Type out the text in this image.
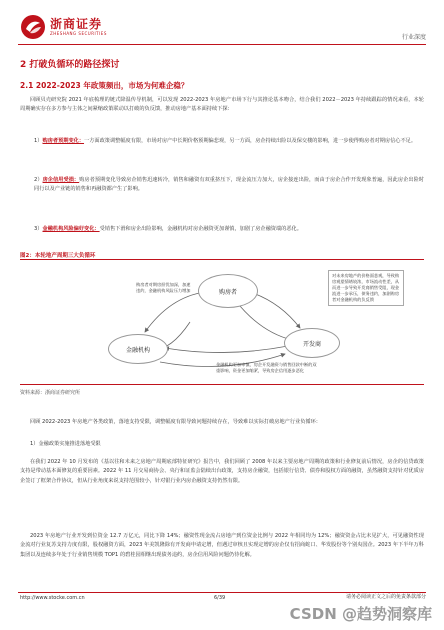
浙商证券
ZHESHANG SECURITIES
行业深度
2 打破负循环的路径探讨
2.1 2022-2023 年政策频出，市场为何难企稳？
回顾贝壳研究院 2021 年底梳理的链式降温传导机制，可以发现 2022-2023 年房地产市场下行与其推论基本吻合，结合我们 2022－2023 年持续跟踪的情况来看，本轮周期确实存在多方参与主体之间紧缩政策联动以打破的负反馈，推动房地产基本面持续下探：
1）购房者预期变化：一方面政策调整幅度有限，市场对房产中长期价格预期偏悲观，另一方面，房企持续出险以及保交楼的影响，进一步使得购房者对期房信心不足。
2）房企信用受损：购房者预期变化导致房企销售迅速转冷，销售和融资有双重挤压下，现金流压力加大，房企接连出险，而由于房企合作开发现象普遍，因此房企出险时同行以及产业链的销售和再融资都产生了影响。
3）金融机构风险偏好变化：受销售下滑和房企出险影响，金融机构对房企融资更加谨慎，加剧了房企融资端的恶化。
图2：本轮地产周期三大负循环
购房者
开发商
金融机构
购房者对期房担忧加深，加速违约，金融机构风险压力增加
对未来房地产的价格面悲观，导致购房观望情绪较浓，市场流动性差，从而进一步导致开发商销售受阻，现金流进一步承压，债务违约，加剧购房者对金融机构的负反馈
金融机构更加审慎，房企开发融资与销售回款中断的双重影响，资金更加缩紧，导致房企信用逐步恶化
资料来源：浙商证券研究所
回顾 2022-2023 年房地产各类政策，落地支持受限，调整幅度有限导致问题持续存在，导致难以实际打破房地产行业负循环：
1）金融政策实施推进落地受限
在我们 2022 年 10 月发布的《基以往和未来之房地产周期底部特征研究》报告中，我们回顾了 2008 年以来主要房地产周期的政策和行业修复前后情况，房企的信贷政策支持是带动基本面修复的重要因素。2022 年 11 月交易商协会、央行和证监会陆续出台政策，支持房企融资，包括银行信贷、债券和股权方面的融资，虽然融资支持针对优质房企签订了框架合作协议，但从行业角度来说支持范围较小，针对银行业内房企融资支持仍然有限。
2023 年房地产行业开发到位资金 12.7 万亿元，同比下降 14%；融资性现金流占房地产到位资金比例与 2022 年相同均为 12%；融资资金占比未见扩大，可见融资性现金流对行业复苏支持力度有限，股权融资方面，2023 年美凯隆除有开发商申请定增，但遇过审核且实现定增的房企仅有招商蛇口、华发股份等个别央国企。2023 年下半年万科集团以及连续多年处于行业销售规模 TOP1 的碧桂园相继出现债务违约，房企信用风险问题仍待化解。
http://www.stocke.com.cn	6/39	请务必阅读正文之后的免责条款部分
CSDN @趋势洞察库
